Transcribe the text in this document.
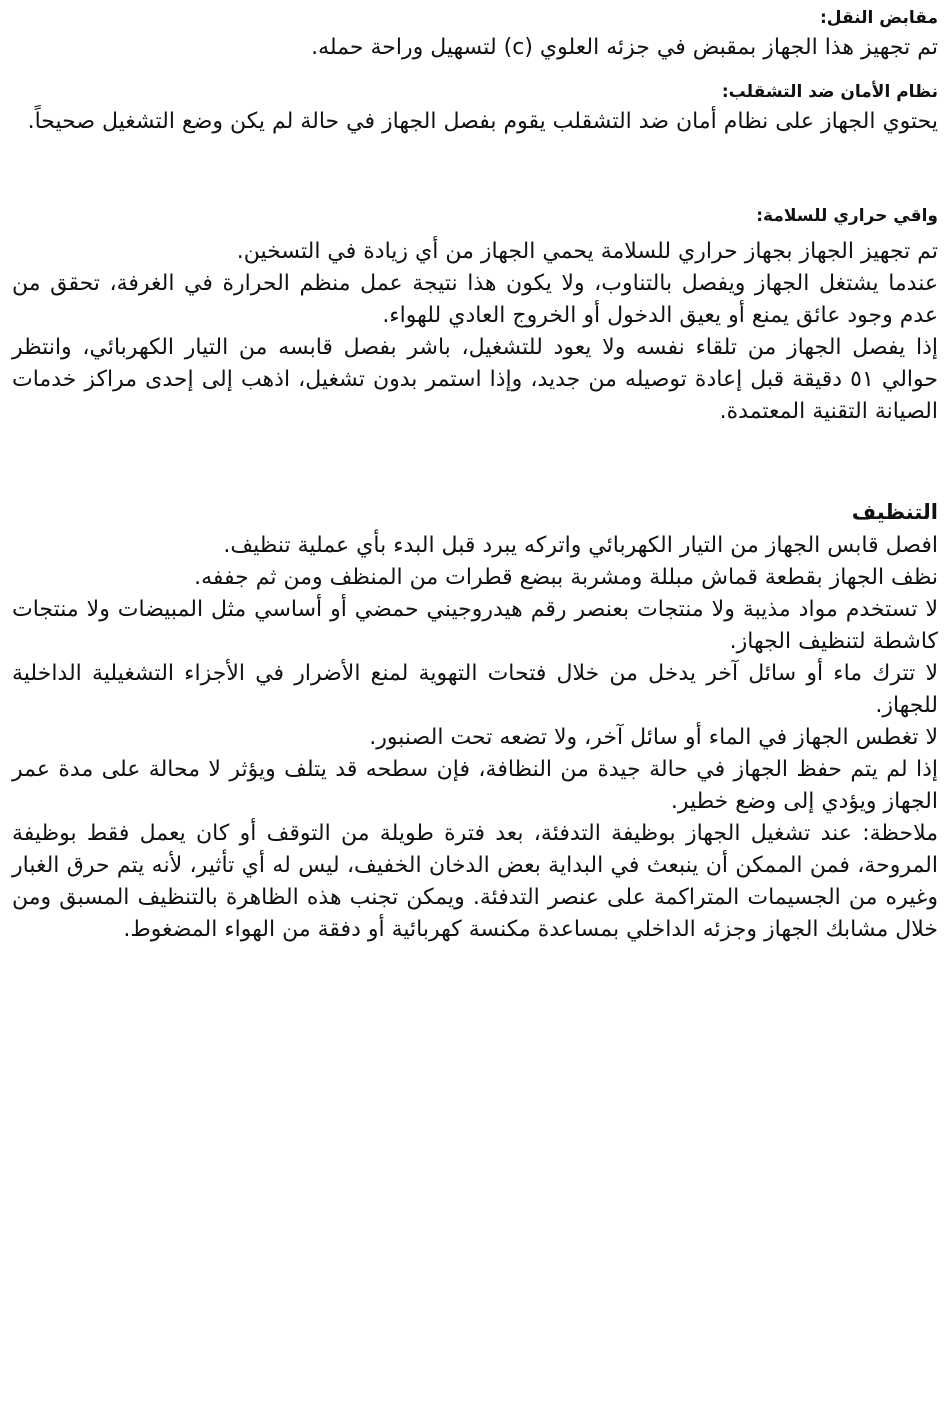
مقابض النقل:

تم تجهيز هذا الجهاز بمقبض في جزئه العلوي (c) لتسهيل وراحة حمله.

نظام الأمان ضد التشقلب:

يحتوي الجهاز على نظام أمان ضد التشقلب يقوم بفصل الجهاز في حالة لم يكن وضع التشغيل صحيحاً.

واقي حراري للسلامة:

تم تجهيز الجهاز بجهاز حراري للسلامة يحمي الجهاز من أي زيادة في التسخين.

عندما يشتغل الجهاز ويفصل بالتناوب، ولا يكون هذا نتيجة عمل منظم الحرارة في الغرفة، تحقق من عدم وجود عائق يمنع أو يعيق الدخول أو الخروج العادي للهواء.

إذا يفصل الجهاز من تلقاء نفسه ولا يعود للتشغيل، باشر بفصل قابسه من التيار الكهربائي، وانتظر حوالي ٥١ دقيقة قبل إعادة توصيله من جديد، وإذا استمر بدون تشغيل، اذهب إلى إحدى مراكز خدمات الصيانة التقنية المعتمدة.

التنظيف

افصل قابس الجهاز من التيار الكهربائي واتركه يبرد قبل البدء بأي عملية تنظيف.

نظف الجهاز بقطعة قماش مبللة ومشربة ببضع قطرات من المنظف ومن ثم جففه.

لا تستخدم مواد مذيبة ولا منتجات بعنصر رقم هيدروجيني حمضي أو أساسي مثل المبيضات ولا منتجات كاشطة لتنظيف الجهاز.

لا تترك ماء أو سائل آخر يدخل من خلال فتحات التهوية لمنع الأضرار في الأجزاء التشغيلية الداخلية للجهاز.

لا تغطس الجهاز في الماء أو سائل آخر، ولا تضعه تحت الصنبور.

إذا لم يتم حفظ الجهاز في حالة جيدة من النظافة، فإن سطحه قد يتلف ويؤثر لا محالة على مدة عمر الجهاز ويؤدي إلى وضع خطير.

ملاحظة: عند تشغيل الجهاز بوظيفة التدفئة، بعد فترة طويلة من التوقف أو كان يعمل فقط بوظيفة المروحة، فمن الممكن أن ينبعث في البداية بعض الدخان الخفيف، ليس له أي تأثير، لأنه يتم حرق الغبار وغيره من الجسيمات المتراكمة على عنصر التدفئة. ويمكن تجنب هذه الظاهرة بالتنظيف المسبق ومن خلال مشابك الجهاز وجزئه الداخلي بمساعدة مكنسة كهربائية أو دفقة من الهواء المضغوط.
